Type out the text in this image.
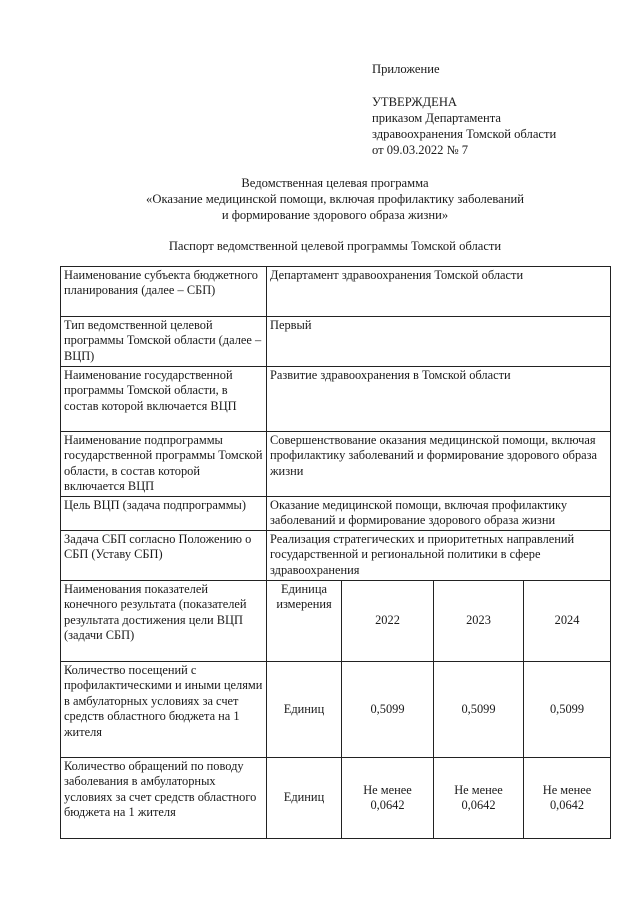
Приложение
УТВЕРЖДЕНА
приказом Департамента
здравоохранения Томской области
от 09.03.2022 № 7
Ведомственная целевая программа
«Оказание медицинской помощи, включая профилактику заболеваний
и формирование здорового образа жизни»
Паспорт ведомственной целевой программы Томской области
Наименование субъекта бюджетного планирования (далее – СБП)	Департамент здравоохранения Томской области			
Тип ведомственной целевой программы Томской области (далее – ВЦП)	Первый			
Наименование государственной программы Томской области, в состав которой включается ВЦП	Развитие здравоохранения в Томской области			
Наименование подпрограммы государственной программы Томской области, в состав которой включается ВЦП	Совершенствование оказания медицинской помощи, включая профилактику заболеваний и формирование здорового образа жизни			
Цель ВЦП (задача подпрограммы)	Оказание медицинской помощи, включая профилактику заболеваний и формирование здорового образа жизни			
Задача СБП согласно Положению о СБП (Уставу СБП)	Реализация стратегических и приоритетных направлений государственной и региональной политики в сфере здравоохранения			
Наименования показателей конечного результата (показателей результата достижения цели ВЦП (задачи СБП)	Единица измерения	2022	2023	2024
Количество посещений с профилактическими и иными целями в амбулаторных условиях за счет средств областного бюджета на 1 жителя	Единиц	0,5099	0,5099	0,5099
Количество обращений по поводу заболевания в амбулаторных условиях за счет средств областного бюджета на 1 жителя	Единиц	Не менее 0,0642	Не менее 0,0642	Не менее 0,0642
